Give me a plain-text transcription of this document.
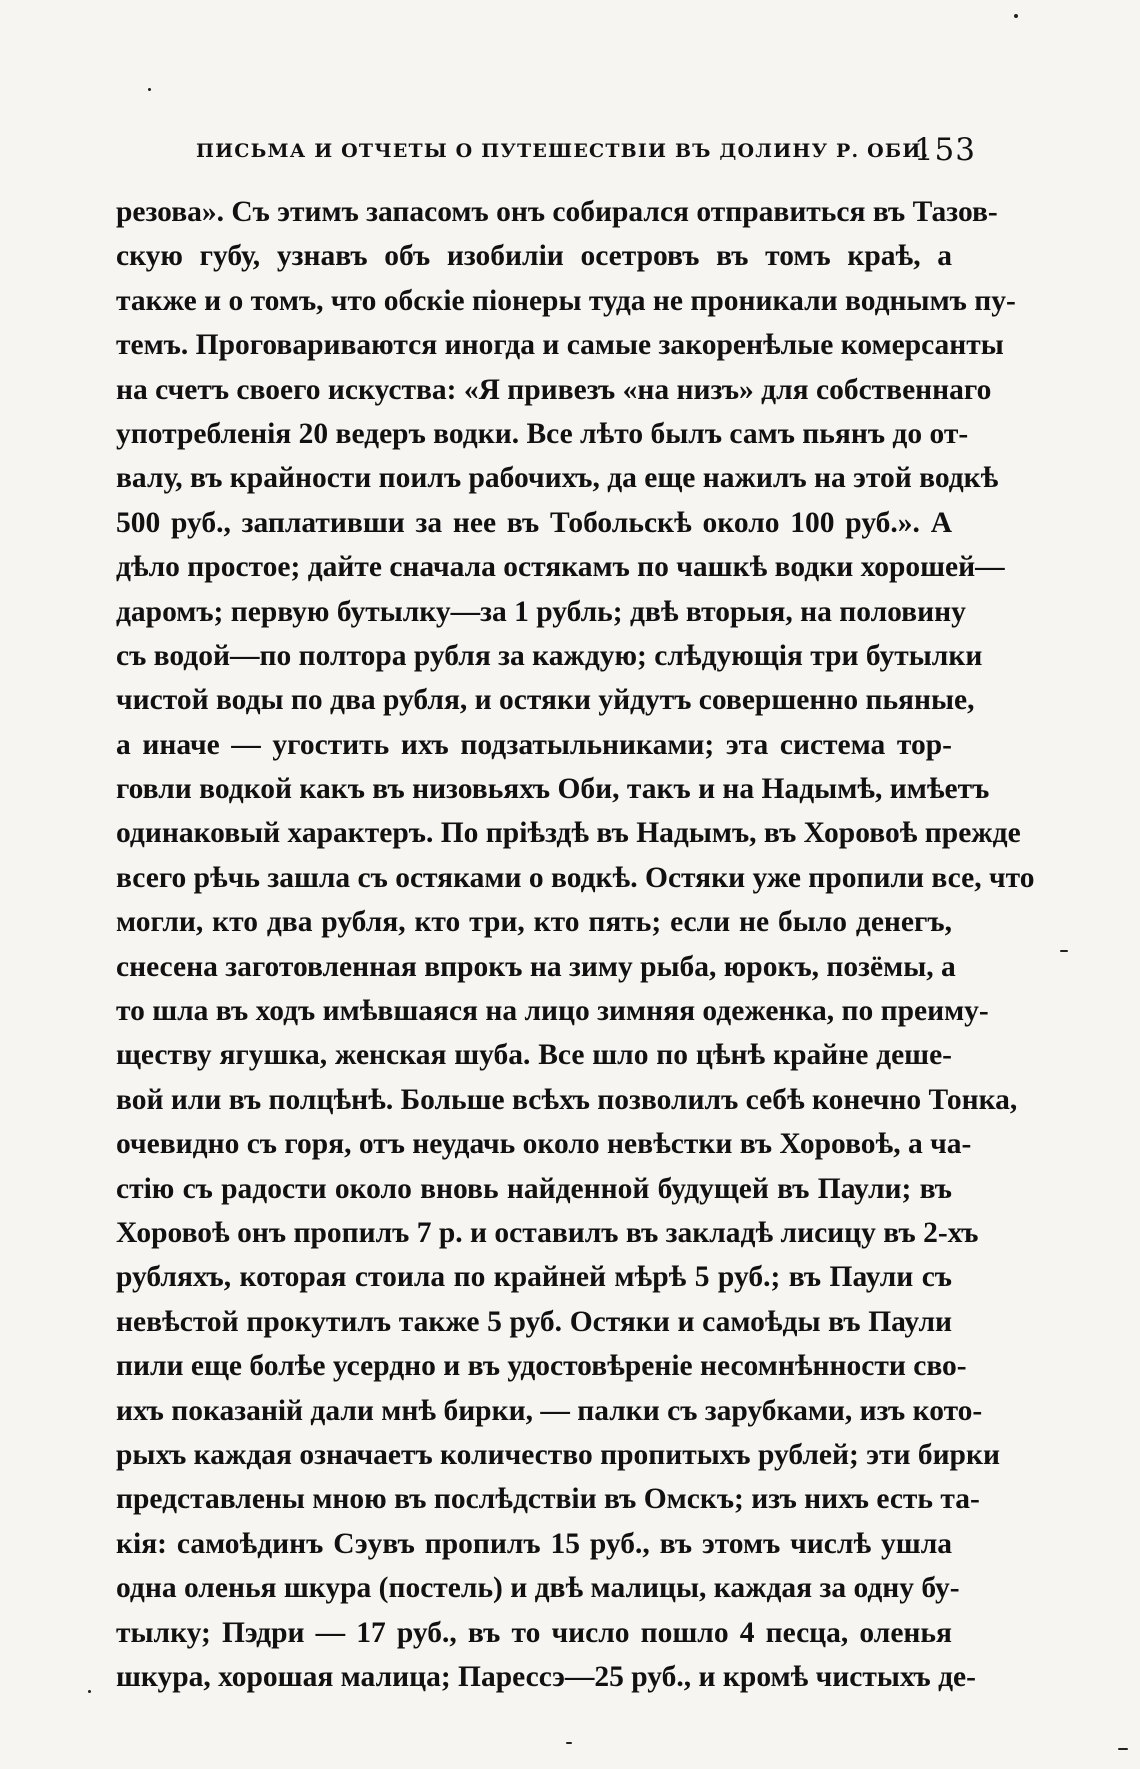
ПИСЬМА И ОТЧЕТЫ О ПУТЕШЕСТВІИ ВЪ ДОЛИНУ Р. ОБИ.
153
резова». Съ этимъ запасомъ онъ собирался отправиться въ Тазов-
скую губу, узнавъ объ изобиліи осетровъ въ томъ краѣ, а
также и о томъ, что обскіе піонеры туда не проникали воднымъ пу-
темъ. Проговариваются иногда и самые закоренѣлые комерсанты
на счетъ своего искуства: «Я привезъ «на низъ» для собственнаго
употребленія 20 ведеръ водки. Все лѣто былъ самъ пьянъ до от-
валу, въ крайности поилъ рабочихъ, да еще нажилъ на этой водкѣ
500 руб., заплативши за нее въ Тобольскѣ около 100 руб.». А
дѣло простое; дайте сначала остякамъ по чашкѣ водки хорошей—
даромъ; первую бутылку—за 1 рубль; двѣ вторыя, на половину
съ водой—по полтора рубля за каждую; слѣдующія три бутылки
чистой воды по два рубля, и остяки уйдутъ совершенно пьяные,
а иначе — угостить ихъ подзатыльниками; эта система тор-
говли водкой какъ въ низовьяхъ Оби, такъ и на Надымѣ, имѣетъ
одинаковый характеръ. По пріѣздѣ въ Надымъ, въ Хоровоѣ прежде
всего рѣчь зашла съ остяками о водкѣ. Остяки уже пропили все, что
могли, кто два рубля, кто три, кто пять; если не было денегъ,
снесена заготовленная впрокъ на зиму рыба, юрокъ, позёмы, а
то шла въ ходъ имѣвшаяся на лицо зимняя одеженка, по преиму-
ществу ягушка, женская шуба. Все шло по цѣнѣ крайне деше-
вой или въ полцѣнѣ. Больше всѣхъ позволилъ себѣ конечно Тонка,
очевидно съ горя, отъ неудачь около невѣстки въ Хоровоѣ, а ча-
стію съ радости около вновь найденной будущей въ Паули; въ
Хоровоѣ онъ пропилъ 7 р. и оставилъ въ закладѣ лисицу въ 2-хъ
рубляхъ, которая стоила по крайней мѣрѣ 5 руб.; въ Паули съ
невѣстой прокутилъ также 5 руб. Остяки и самоѣды въ Паули
пили еще болѣе усердно и въ удостовѣреніе несомнѣнности сво-
ихъ показаній дали мнѣ бирки, — палки съ зарубками, изъ кото-
рыхъ каждая означаетъ количество пропитыхъ рублей; эти бирки
представлены мною въ послѣдствіи въ Омскъ; изъ нихъ есть та-
кія: самоѣдинъ Сэувъ пропилъ 15 руб., въ этомъ числѣ ушла
одна оленья шкура (постель) и двѣ малицы, каждая за одну бу-
тылку; Пэдри — 17 руб., въ то число пошло 4 песца, оленья
шкура, хорошая малица; Парессэ—25 руб., и кромѣ чистыхъ де-
